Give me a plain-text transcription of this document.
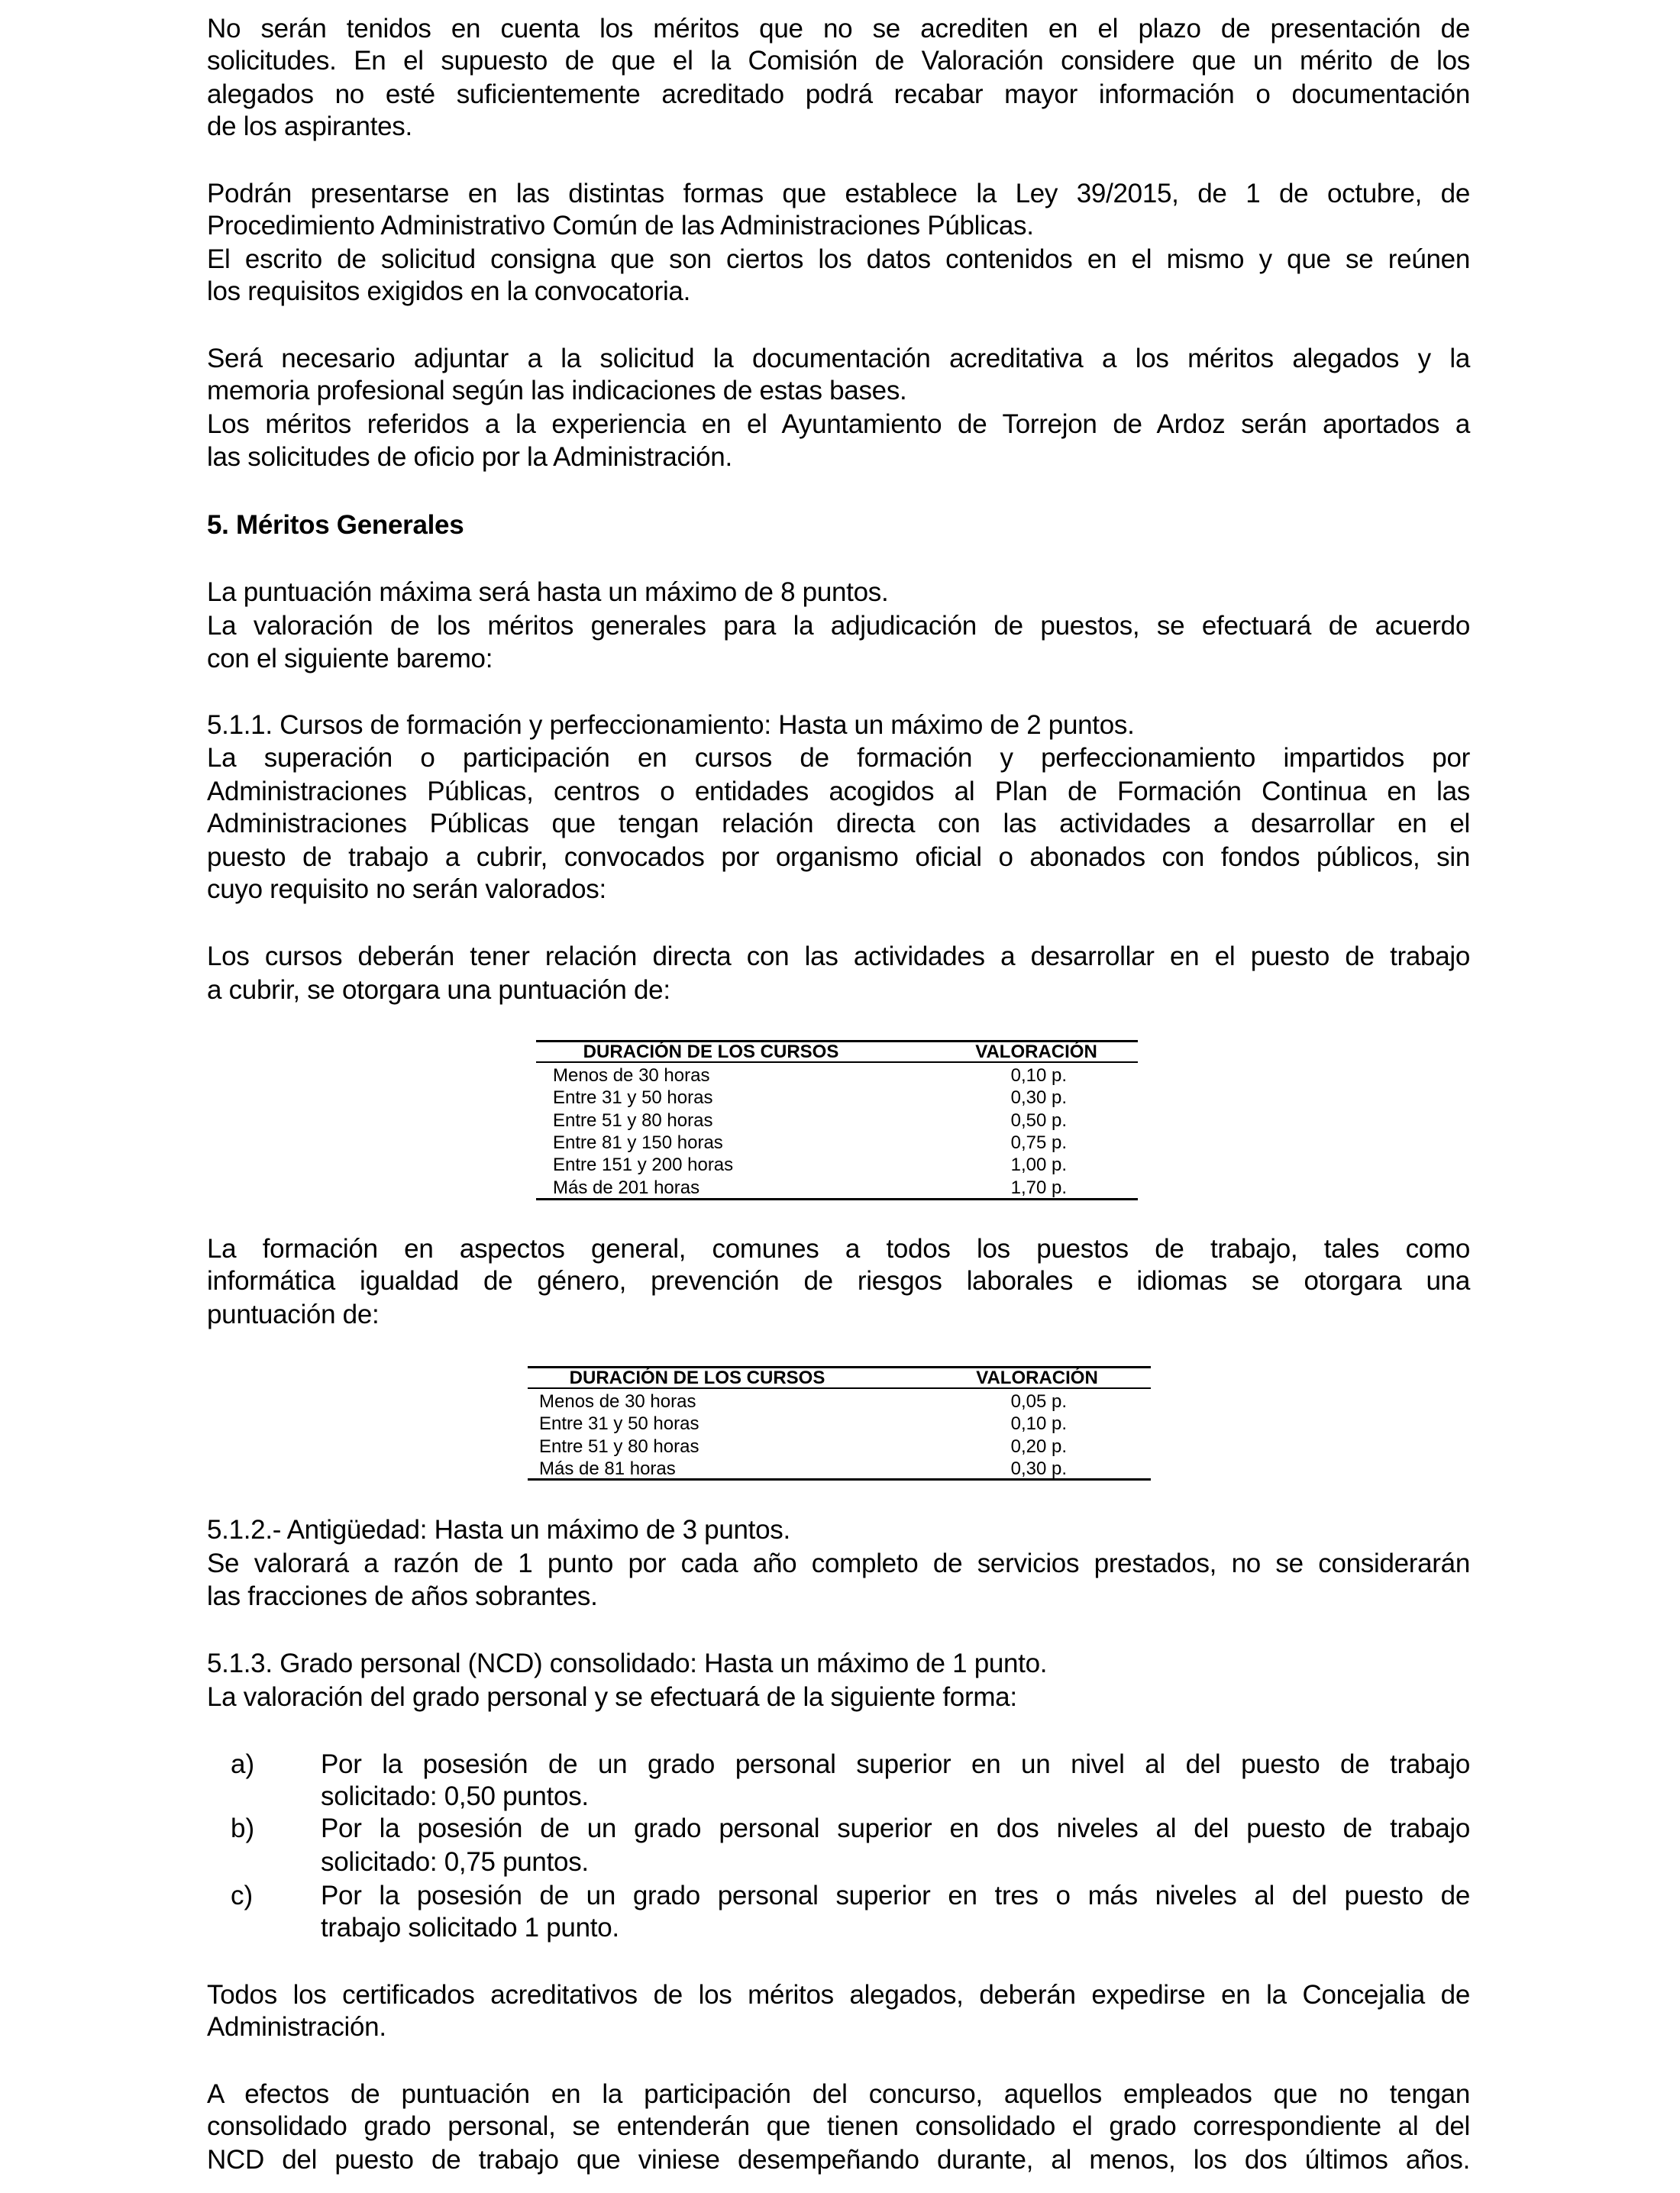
No serán tenidos en cuenta los méritos que no se acrediten en el plazo de presentación de
solicitudes. En el supuesto de que el la Comisión de Valoración considere que un mérito de los
alegados no esté suficientemente acreditado podrá recabar mayor información o documentación
de los aspirantes.
Podrán presentarse en las distintas formas que establece la Ley 39/2015, de 1 de octubre, de
Procedimiento Administrativo Común de las Administraciones Públicas.
El escrito de solicitud consigna que son ciertos los datos contenidos en el mismo y que se reúnen
los requisitos exigidos en la convocatoria.
Será necesario adjuntar a la solicitud la documentación acreditativa a los méritos alegados y la
memoria profesional según las indicaciones de estas bases.
Los méritos referidos a la experiencia en el Ayuntamiento de Torrejon de Ardoz serán aportados a
las solicitudes de oficio por la Administración.
5. Méritos Generales
La puntuación máxima será hasta un máximo de 8 puntos.
La valoración de los méritos generales para la adjudicación de puestos, se efectuará de acuerdo
con el siguiente baremo:
5.1.1. Cursos de formación y perfeccionamiento: Hasta un máximo de 2 puntos.
La superación o participación en cursos de formación y perfeccionamiento impartidos por
Administraciones Públicas, centros o entidades acogidos al Plan de Formación Continua en las
Administraciones Públicas que tengan relación directa con las actividades a desarrollar en el
puesto de trabajo a cubrir, convocados por organismo oficial o abonados con fondos públicos, sin
cuyo requisito no serán valorados:
Los cursos deberán tener relación directa con las actividades a desarrollar en el puesto de trabajo
a cubrir, se otorgara una puntuación de:
La formación en aspectos general, comunes a todos los puestos de trabajo, tales como
informática igualdad de género, prevención de riesgos laborales e idiomas se otorgara una
puntuación de:
5.1.2.- Antigüedad: Hasta un máximo de 3 puntos.
Se valorará a razón de 1 punto por cada año completo de servicios prestados, no se considerarán
las fracciones de años sobrantes.
5.1.3. Grado personal (NCD) consolidado: Hasta un máximo de 1 punto.
La valoración del grado personal y se efectuará de la siguiente forma:
Todos los certificados acreditativos de los méritos alegados, deberán expedirse en la Concejalia de
Administración.
A efectos de puntuación en la participación del concurso, aquellos empleados que no tengan
consolidado grado personal, se entenderán que tienen consolidado el grado correspondiente al del
NCD del puesto de trabajo que viniese desempeñando durante, al menos, los dos últimos años.
a) Por la posesión de un grado personal superior en un nivel al del puesto de trabajo
solicitado: 0,50 puntos.
b) Por la posesión de un grado personal superior en dos niveles al del puesto de trabajo
solicitado: 0,75 puntos.
c)	Por la posesión de un grado personal superior en tres o más niveles al del puesto de
trabajo solicitado 1 punto.
DURACIÓN DE LOS CURSOS	VALORACIÓN
Menos de 30 horas	0,10 p.
Entre 31 y 50 horas	0,30 p.
Entre 51 y 80 horas	0,50 p.
Entre 81 y 150 horas	0,75 p.
Entre 151 y 200 horas	1,00 p.
Más de 201 horas	1,70 p.
DURACIÓN DE LOS CURSOS	VALORACIÓN
Menos de 30 horas	0,05 p.
Entre 31 y 50 horas	0,10 p.
Entre 51 y 80 horas	0,20 p.
Más de 81 horas	0,30 p.
